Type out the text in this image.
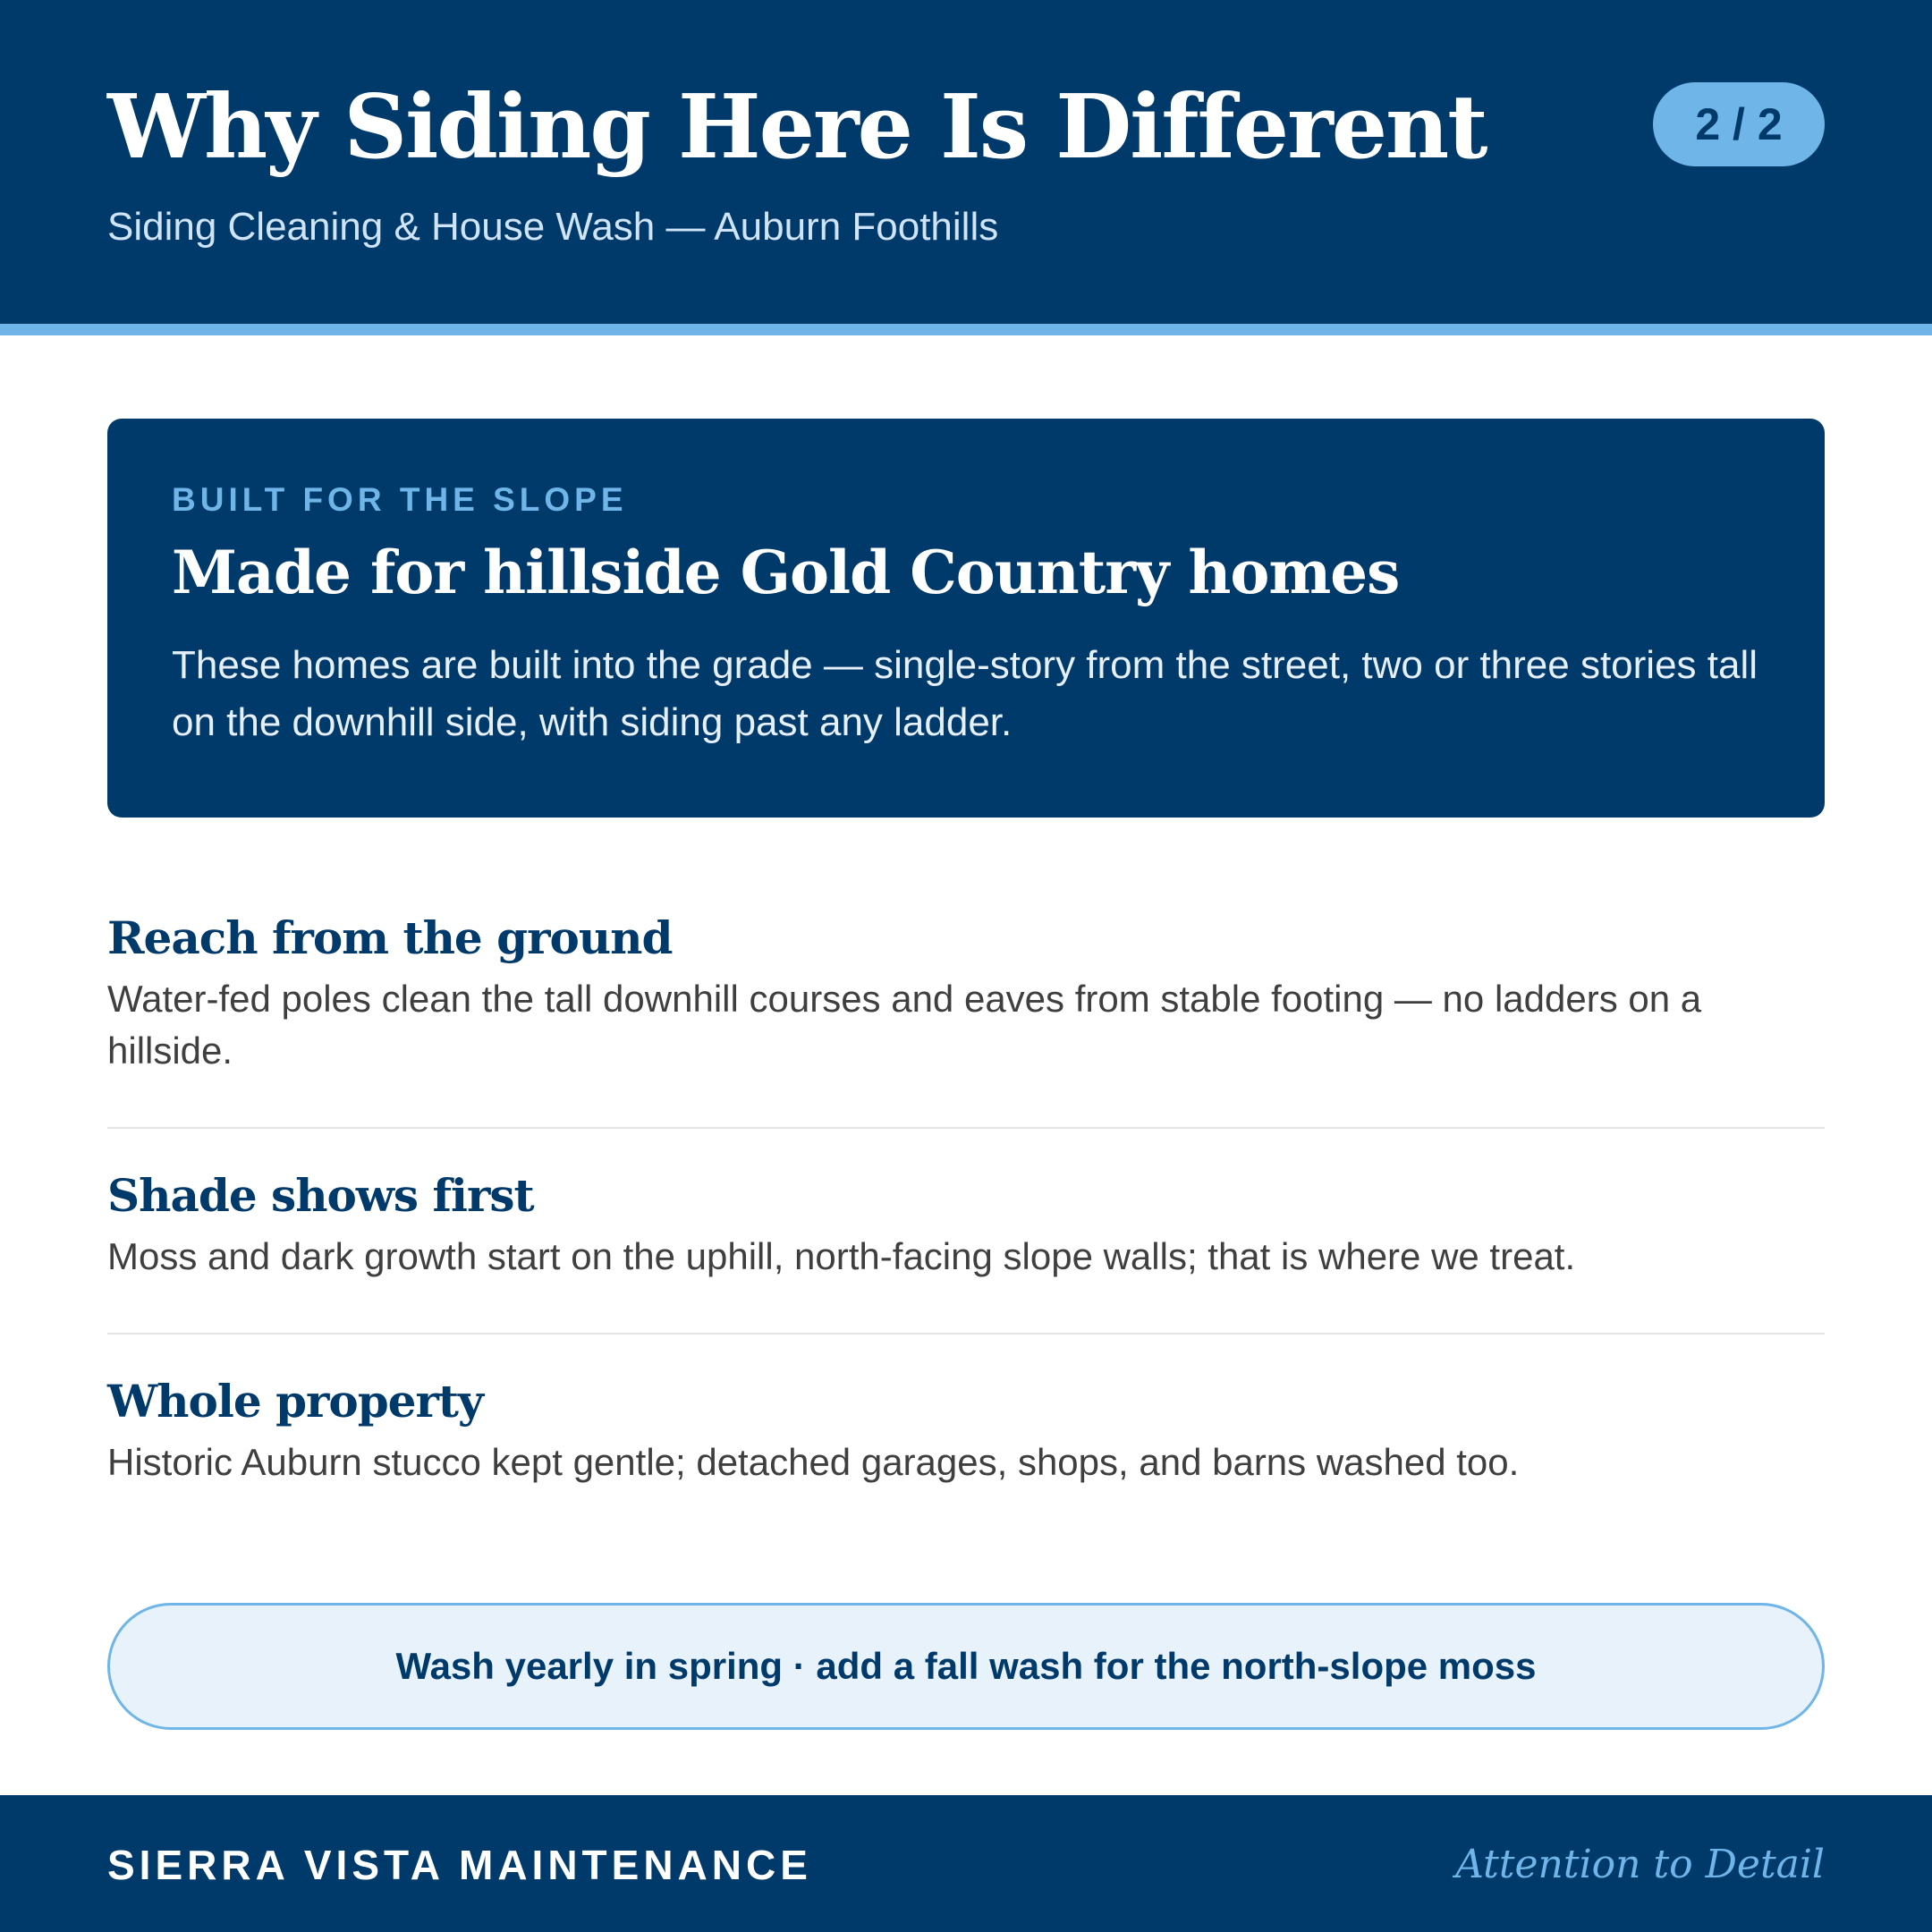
Why Siding Here Is Different
Siding Cleaning & House Wash — Auburn Foothills
2 / 2
BUILT FOR THE SLOPE
Made for hillside Gold Country homes
These homes are built into the grade — single-story from the street, two or three stories tall on the downhill side, with siding past any ladder.
Reach from the ground
Water-fed poles clean the tall downhill courses and eaves from stable footing — no ladders on a hillside.
Shade shows first
Moss and dark growth start on the uphill, north-facing slope walls; that is where we treat.
Whole property
Historic Auburn stucco kept gentle; detached garages, shops, and barns washed too.
Wash yearly in spring · add a fall wash for the north-slope moss
SIERRA VISTA MAINTENANCE	Attention to Detail
